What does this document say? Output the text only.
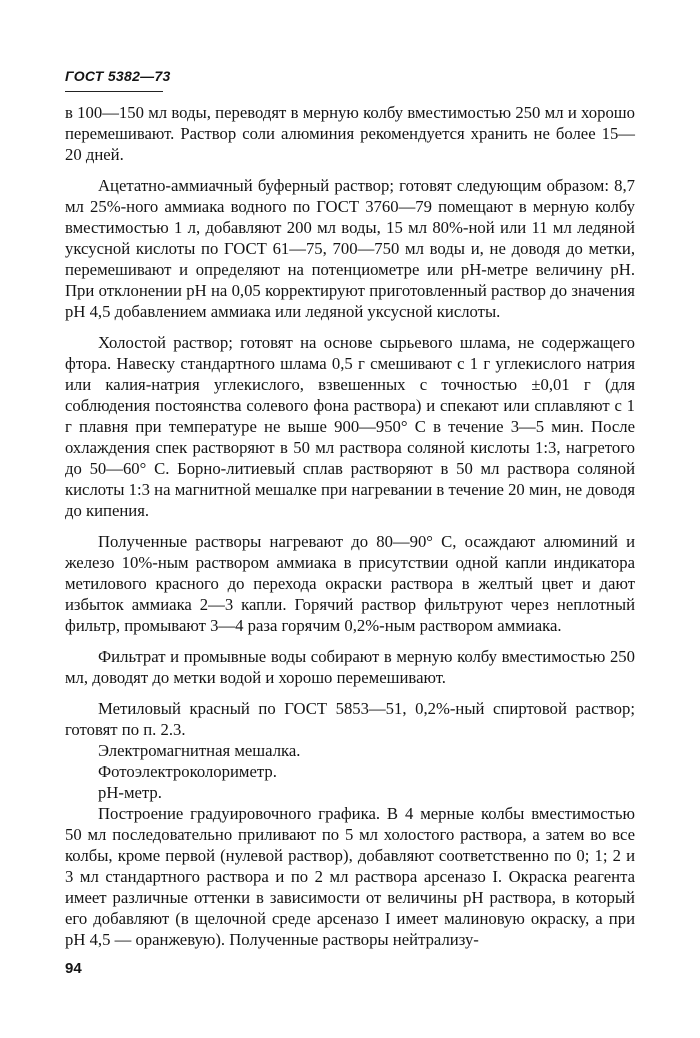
ГОСТ 5382—73

в 100—150 мл воды, переводят в мерную колбу вместимостью 250 мл и хорошо перемешивают. Раствор соли алюминия рекомендуется хранить не более 15—20 дней.

Ацетатно-аммиачный буферный раствор; готовят следующим образом: 8,7 мл 25%-ного аммиака водного по ГОСТ 3760—79 помещают в мерную колбу вместимостью 1 л, добавляют 200 мл воды, 15 мл 80%-ной или 11 мл ледяной уксусной кислоты по ГОСТ 61—75, 700—750 мл воды и, не доводя до метки, перемешивают и определяют на потенциометре или pH-метре величину pH. При отклонении pH на 0,05 корректируют приготовленный раствор до значения pH 4,5 добавлением аммиака или ледяной уксусной кислоты.

Холостой раствор; готовят на основе сырьевого шлама, не содержащего фтора. Навеску стандартного шлама 0,5 г смешивают с 1 г углекислого натрия или калия-натрия углекислого, взвешенных с точностью ±0,01 г (для соблюдения постоянства солевого фона раствора) и спекают или сплавляют с 1 г плавня при температуре не выше 900—950° С в течение 3—5 мин. После охлаждения спек растворяют в 50 мл раствора соляной кислоты 1:3, нагретого до 50—60° С. Борно-литиевый сплав растворяют в 50 мл раствора соляной кислоты 1:3 на магнитной мешалке при нагревании в течение 20 мин, не доводя до кипения.

Полученные растворы нагревают до 80—90° С, осаждают алюминий и железо 10%-ным раствором аммиака в присутствии одной капли индикатора метилового красного до перехода окраски раствора в желтый цвет и дают избыток аммиака 2—3 капли. Горячий раствор фильтруют через неплотный фильтр, промывают 3—4 раза горячим 0,2%-ным раствором аммиака.

Фильтрат и промывные воды собирают в мерную колбу вместимостью 250 мл, доводят до метки водой и хорошо перемешивают.

Метиловый красный по ГОСТ 5853—51, 0,2%-ный спиртовой раствор; готовят по п. 2.3.

Электромагнитная мешалка.

Фотоэлектроколориметр.

pH-метр.

Построение градуировочного графика. В 4 мерные колбы вместимостью 50 мл последовательно приливают по 5 мл холостого раствора, а затем во все колбы, кроме первой (нулевой раствор), добавляют соответственно по 0; 1; 2 и 3 мл стандартного раствора и по 2 мл раствора арсеназо I. Окраска реагента имеет различные оттенки в зависимости от величины pH раствора, в который его добавляют (в щелочной среде арсеназо I имеет малиновую окраску, а при pH 4,5 — оранжевую). Полученные растворы нейтрализу-

94
